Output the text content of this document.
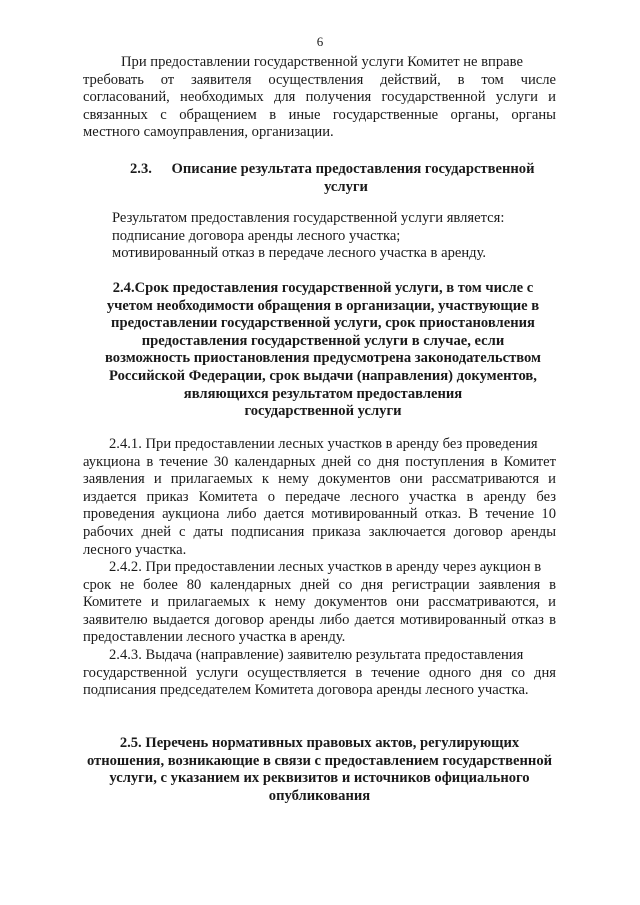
6
При предоставлении государственной услуги Комитет не вправе
требовать от заявителя осуществления действий, в том числе
согласований, необходимых для получения государственной услуги и
связанных с обращением в иные государственные органы, органы
местного самоуправления, организации.
2.3. Описание результата предоставления государственной
услуги
Результатом предоставления государственной услуги является:
подписание договора аренды лесного участка;
мотивированный отказ в передаче лесного участка в аренду.
2.4.Срок предоставления государственной услуги, в том числе с
учетом необходимости обращения в организации, участвующие в
предоставлении государственной услуги, срок приостановления
предоставления государственной услуги в случае, если
возможность приостановления предусмотрена законодательством
Российской Федерации, срок выдачи (направления) документов,
являющихся результатом предоставления
государственной услуги
2.4.1. При предоставлении лесных участков в аренду без проведения
аукциона в течение 30 календарных дней со дня поступления в Комитет
заявления и прилагаемых к нему документов они рассматриваются и
издается приказ Комитета о передаче лесного участка в аренду без
проведения аукциона либо дается мотивированный отказ. В течение 10
рабочих дней с даты подписания приказа заключается договор аренды
лесного участка.
2.4.2. При предоставлении лесных участков в аренду через аукцион в
срок не более 80 календарных дней со дня регистрации заявления в
Комитете и прилагаемых к нему документов они рассматриваются, и
заявителю выдается договор аренды либо дается мотивированный отказ в
предоставлении лесного участка в аренду.
2.4.3. Выдача (направление) заявителю результата предоставления
государственной услуги осуществляется в течение одного дня со дня
подписания председателем Комитета договора аренды лесного участка.
2.5. Перечень нормативных правовых актов, регулирующих
отношения, возникающие в связи с предоставлением государственной
услуги, с указанием их реквизитов и источников официального
опубликования
